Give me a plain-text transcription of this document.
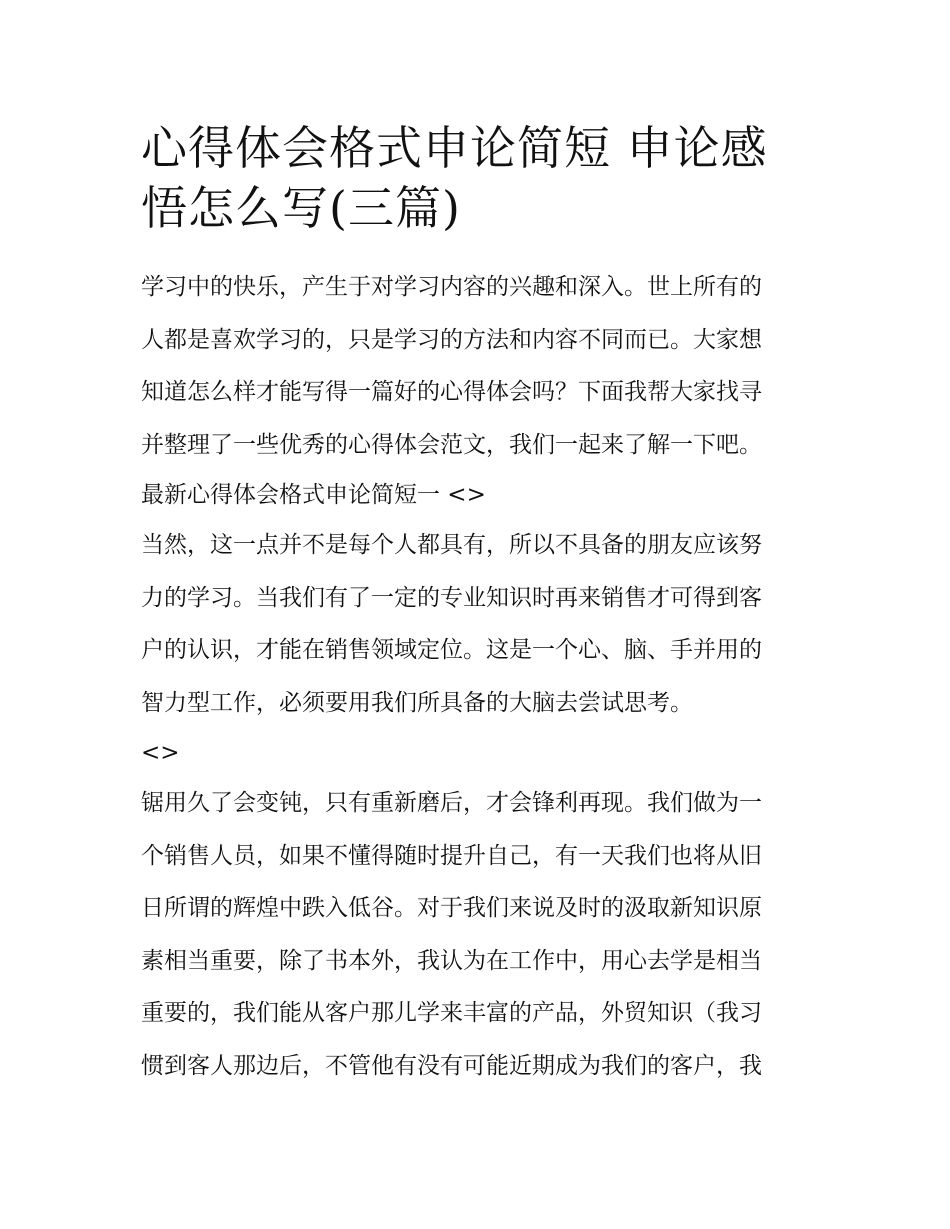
心得体会格式申论简短 申论感
悟怎么写(三篇)

学习中的快乐，产生于对学习内容的兴趣和深入。世上所有的
人都是喜欢学习的，只是学习的方法和内容不同而已。大家想
知道怎么样才能写得一篇好的心得体会吗？下面我帮大家找寻
并整理了一些优秀的心得体会范文，我们一起来了解一下吧。

最新心得体会格式申论简短一 <>

当然，这一点并不是每个人都具有，所以不具备的朋友应该努
力的学习。当我们有了一定的专业知识时再来销售才可得到客
户的认识，才能在销售领域定位。这是一个心、脑、手并用的
智力型工作，必须要用我们所具备的大脑去尝试思考。

<>

锯用久了会变钝，只有重新磨后，才会锋利再现。我们做为一
个销售人员，如果不懂得随时提升自己，有一天我们也将从旧
日所谓的辉煌中跌入低谷。对于我们来说及时的汲取新知识原
素相当重要，除了书本外，我认为在工作中，用心去学是相当
重要的，我们能从客户那儿学来丰富的产品，外贸知识（我习
惯到客人那边后，不管他有没有可能近期成为我们的客户，我
